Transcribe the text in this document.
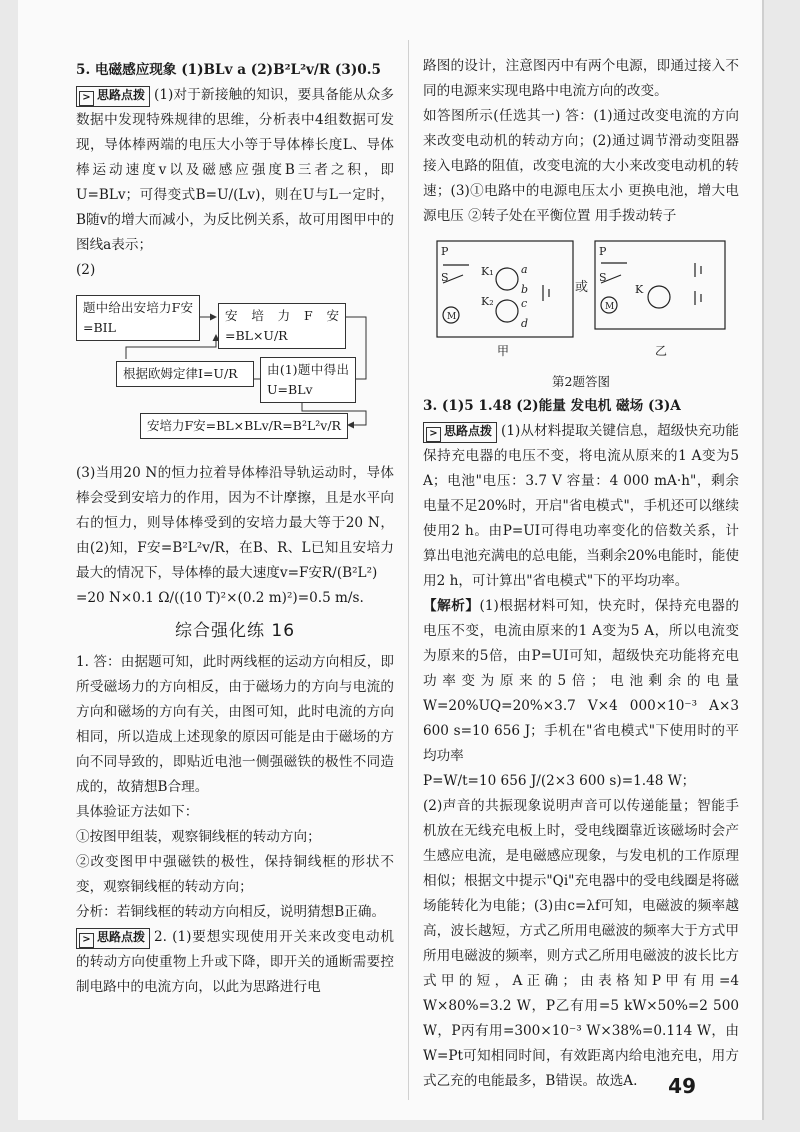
5. 电磁感应现象 (1)BLv a (2)B²L²v/R (3)0.5

> 思路点拨 (1)对于新接触的知识，要具备能从众多数据中发现特殊规律的思维，分析表中4组数据可发现，导体棒两端的电压大小等于导体棒长度L、导体棒运动速度v以及磁感应强度B三者之积，即U=BLv；可得变式B=U/(Lv)，则在U与L一定时，B随v的增大而减小，为反比例关系，故可用图甲中的图线a表示；

(2)

题中给出安培力F安=BIL
安培力F安=BL×U/R
根据欧姆定律I=U/R	由(1)题中得出U=BLv
安培力F安=BL×BLv/R=B²L²v/R

(3)当用20 N的恒力拉着导体棒沿导轨运动时，导体棒会受到安培力的作用，因为不计摩擦，且是水平向右的恒力，则导体棒受到的安培力最大等于20 N，由(2)知，F安=B²L²v/R，在B、R、L已知且安培力最大的情况下，导体棒的最大速度v=F安R/(B²L²)

=20 N×0.1 Ω/((10 T)²×(0.2 m)²)=0.5 m/s.

综合强化练 16

1. 答：由据题可知，此时两线框的运动方向相反，即所受磁场力的方向相反，由于磁场力的方向与电流的方向和磁场的方向有关，由图可知，此时电流的方向相同，所以造成上述现象的原因可能是由于磁场的方向不同导致的，即贴近电池一侧强磁铁的极性不同造成的，故猜想B合理。

具体验证方法如下：

①按图甲组装，观察铜线框的转动方向；

②改变图甲中强磁铁的极性，保持铜线框的形状不变，观察铜线框的转动方向；

分析：若铜线框的转动方向相反，说明猜想B正确。

> 思路点拨 2. (1)要想实现使用开关来改变电动机的转动方向使重物上升或下降，即开关的通断需要控制电路中的电流方向，以此为思路进行电

路图的设计，注意图丙中有两个电源，即通过接入不同的电源来实现电路中电流方向的改变。

如答图所示(任选其一) 答：(1)通过改变电流的方向来改变电动机的转动方向；(2)通过调节滑动变阻器接入电路的阻值，改变电流的大小来改变电动机的转速；(3)①电路中的电源电压太小 更换电池，增大电源电压 ②转子处在平衡位置 用手拨动转子

P
S
M
K₁
K₂
a
b
c
d
或
甲
P
S
M
K
乙

第2题答图

3. (1)5 1.48 (2)能量 发电机 磁场 (3)A

> 思路点拨 (1)从材料提取关键信息，超级快充功能保持充电器的电压不变，将电流从原来的1 A变为5 A；电池"电压：3.7 V 容量：4 000 mA·h"，剩余电量不足20%时，开启"省电模式"，手机还可以继续使用2 h。由P=UI可得电功率变化的倍数关系，计算出电池充满电的总电能，当剩余20%电能时，能使用2 h，可计算出"省电模式"下的平均功率。

【解析】(1)根据材料可知，快充时，保持充电器的电压不变，电流由原来的1 A变为5 A，所以电流变为原来的5倍，由P=UI可知，超级快充功能将充电功率变为原来的5倍；电池剩余的电量W=20%UQ=20%×3.7 V×4 000×10⁻³ A×3 600 s=10 656 J；手机在"省电模式"下使用时的平均功率

P=W/t=10 656 J/(2×3 600 s)=1.48 W；

(2)声音的共振现象说明声音可以传递能量；智能手机放在无线充电板上时，受电线圈靠近该磁场时会产生感应电流，是电磁感应现象，与发电机的工作原理相似；根据文中提示"Qi"充电器中的受电线圈是将磁场能转化为电能；(3)由c=λf可知，电磁波的频率越高，波长越短，方式乙所用电磁波的频率大于方式甲所用电磁波的频率，则方式乙所用电磁波的波长比方式甲的短，A正确；由表格知P甲有用=4 W×80%=3.2 W，P乙有用=5 kW×50%=2 500 W，P丙有用=300×10⁻³ W×38%=0.114 W，由W=Pt可知相同时间，有效距离内给电池充电，用方式乙充的电能最多，B错误。故选A.	49
